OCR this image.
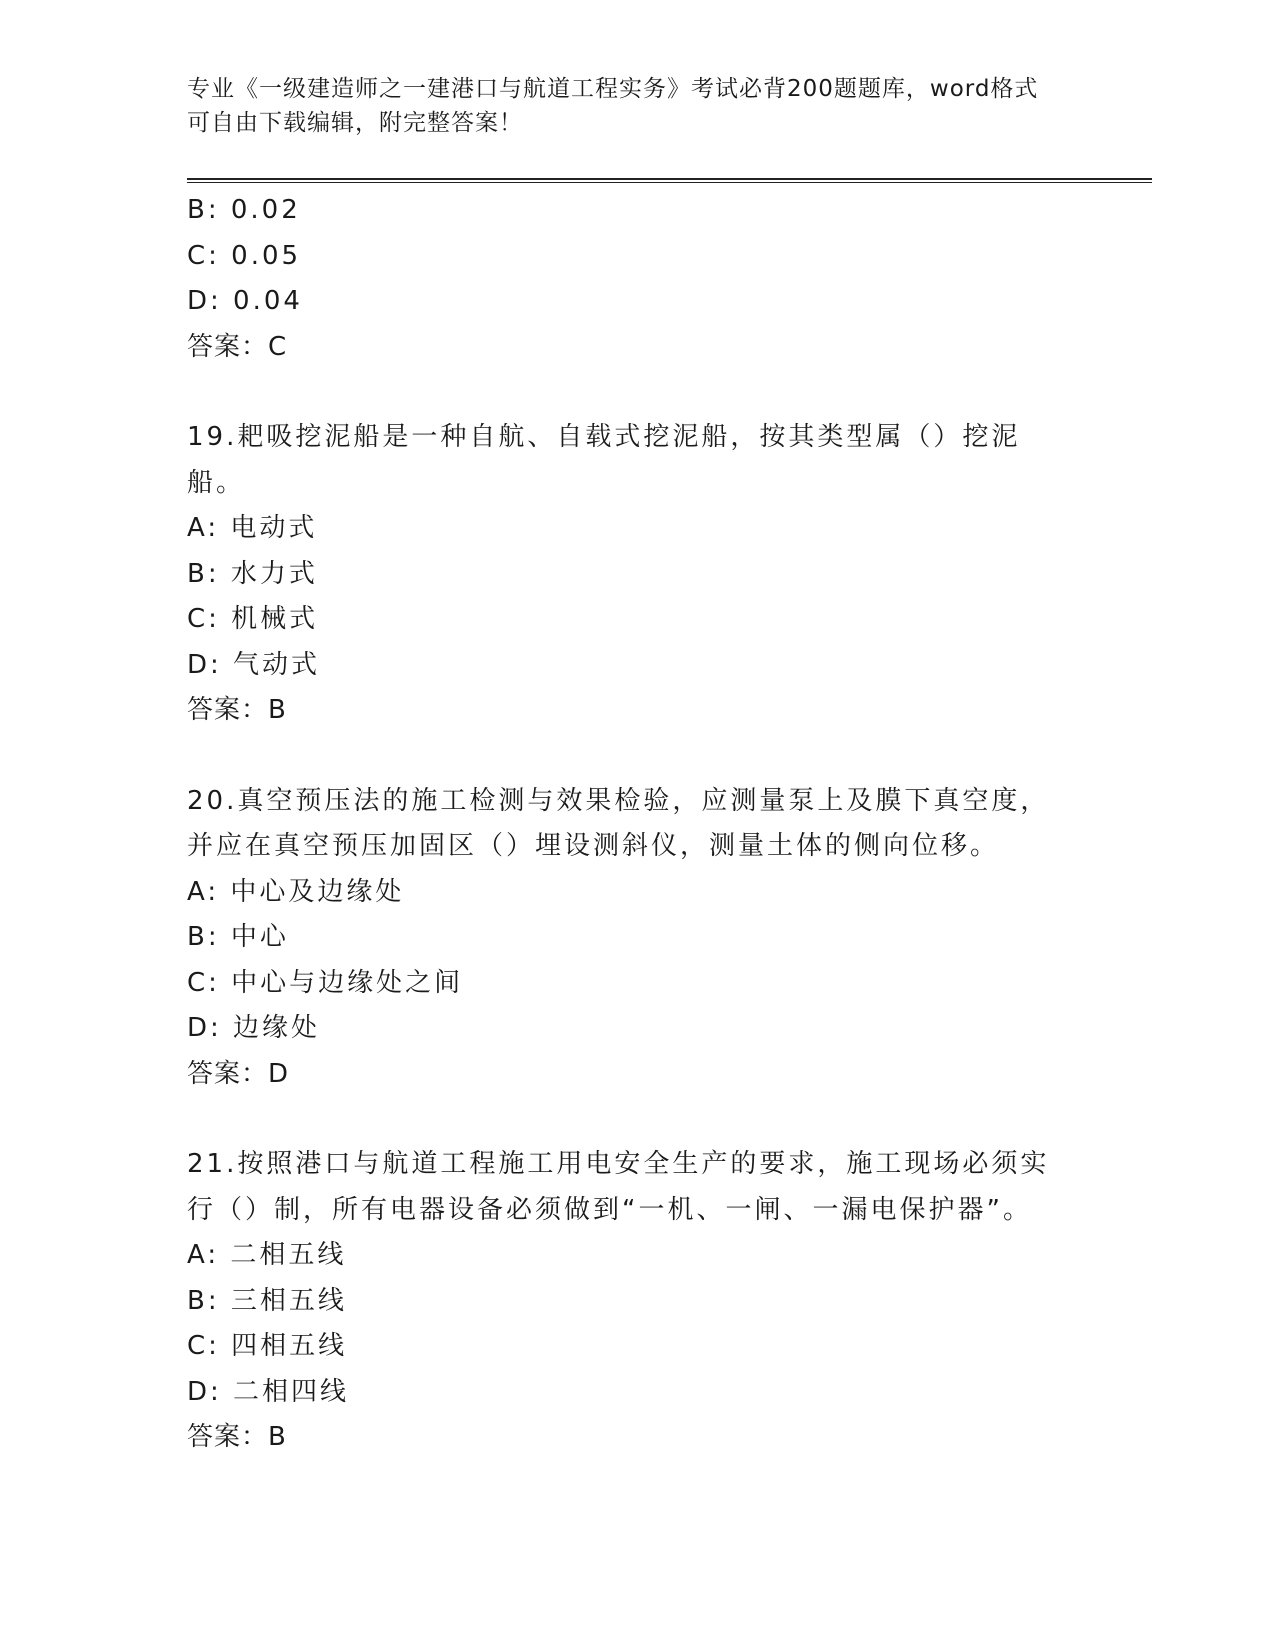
专业《一级建造师之一建港口与航道工程实务》考试必背200题题库，word格式
可自由下载编辑，附完整答案！
B: 0.02
C: 0.05
D: 0.04
答案：C
19.耙吸挖泥船是一种自航、自载式挖泥船，按其类型属（）挖泥船。
A: 电动式
B: 水力式
C: 机械式
D: 气动式
答案：B
20.真空预压法的施工检测与效果检验，应测量泵上及膜下真空度，并应在真空预压加固区（）埋设测斜仪，测量土体的侧向位移。
A: 中心及边缘处
B: 中心
C: 中心与边缘处之间
D: 边缘处
答案：D
21.按照港口与航道工程施工用电安全生产的要求，施工现场必须实行（）制，所有电器设备必须做到“一机、一闸、一漏电保护器”。
A: 二相五线
B: 三相五线
C: 四相五线
D: 二相四线
答案：B
